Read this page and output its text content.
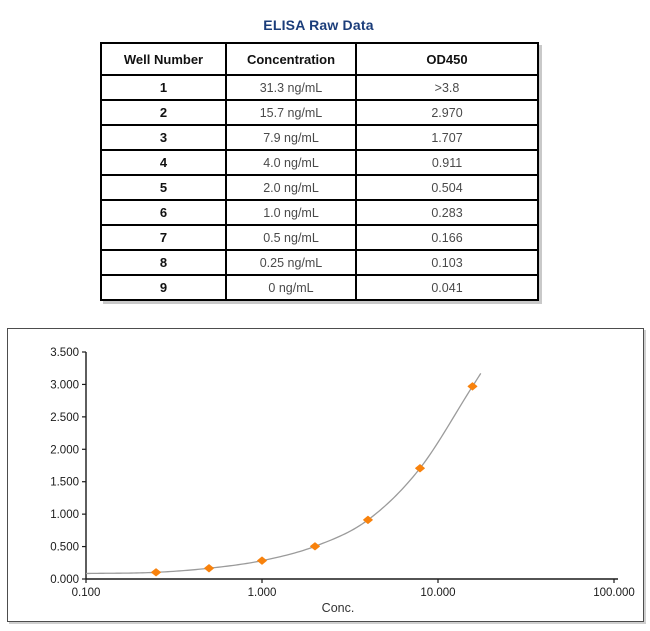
ELISA Raw Data
Well Number	Concentration	OD450
1	31.3 ng/mL	>3.8
2	15.7 ng/mL	2.970
3	7.9 ng/mL	1.707
4	4.0 ng/mL	0.911
5	2.0 ng/mL	0.504
6	1.0 ng/mL	0.283
7	0.5 ng/mL	0.166
8	0.25 ng/mL	0.103
9	0 ng/mL	0.041
0.000
0.500
1.000
1.500
2.000
2.500
3.000
3.500
0.100	1.000	10.000	100.000
Conc.
